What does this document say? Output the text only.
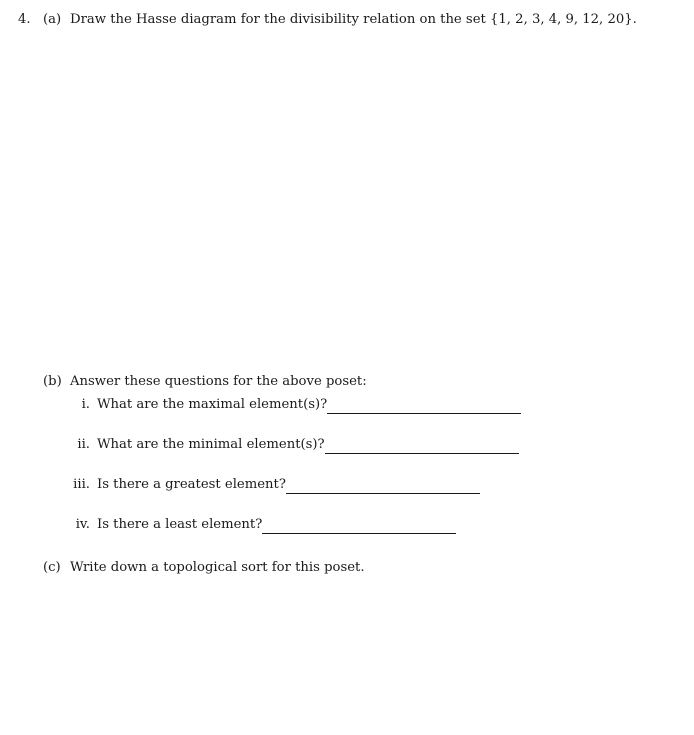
4. (a) Draw the Hasse diagram for the divisibility relation on the set {1, 2, 3, 4, 9, 12, 20}.
(b) Answer these questions for the above poset:
i. What are the maximal element(s)?
ii. What are the minimal element(s)?
iii. Is there a greatest element?
iv. Is there a least element?
(c) Write down a topological sort for this poset.
